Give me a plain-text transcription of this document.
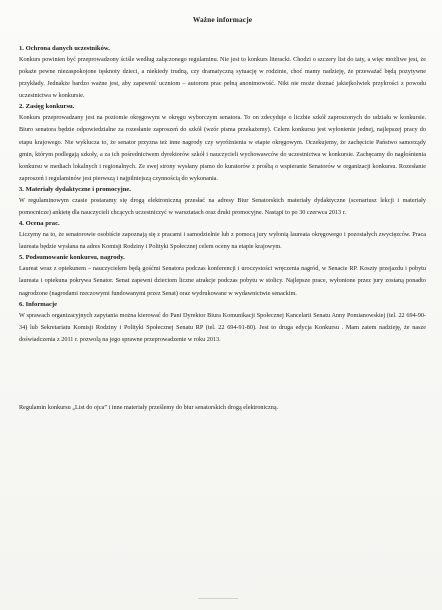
Ważne informacje
1. Ochrona danych uczestników.

Konkurs powinien być przeprowadzony ściśle według załączonego regulaminu. Nie jest to konkurs literacki. Chodzi o szczery list do taty, a więc możliwe jest, że pokaże pewne niezaspokojone tęsknoty dzieci, a niekiedy trudną, czy dramatyczną sytuację w rodzinie, choć mamy nadzieję, że przeważać będą pozytywne przykłady. Jednakże bardzo ważne jest, aby zapewnić uczniom – autorom prac pełną anonimowość. Nikt nie może doznać jakiejkolwiek przykrości z powodu uczestnictwa w konkursie.

2. Zasięg konkursu.

Konkurs przeprowadzany jest na poziomie okręgowym w okręgu wyborczym senatora. To on zdecyduje o liczbie szkół zaproszonych do udziału w konkursie. Biuro senatora będzie odpowiedzialne za rozesłanie zaproszeń do szkół (wzór pisma przekażemy). Celem konkursu jest wyłonienie jednej, najlepszej pracy do etapu krajowego. Nie wyklucza to, że senator przyzna też inne nagrody czy wyróżnienia w etapie okręgowym. Oczekujemy, że zachęcicie Państwo samorządy gmin, którym podlegają szkoły, a za ich pośrednictwem dyrektorów szkół i nauczycieli wychowawców do uczestnictwa w konkursie. Zachęcamy do nagłośnienia konkursu w mediach lokalnych i regionalnych. Ze swej strony wysłany pismo do kuratorów z prośbą o wspieranie Senatorów w organizacji konkursu. Rozesłanie zaproszeń i regulaminów jest pierwszą i najpilniejszą czynnością do wykonania.

3. Materiały dydaktyczne i promocyjne.

W regulaminowym czasie postaramy się drogą elektroniczną przesłać na adresy Biur Senatorskich materiały dydaktyczne (scenariusz lekcji i materiały pomocnicze) ankietę dla nauczycieli chcących uczestniczyć w warsztatach oraz druki promocyjne. Nastąpi to po 30 czerwca 2013 r.

4. Ocena prac.

Liczymy na to, że senatorowie osobiście zapoznają się z pracami i samodzielnie lub z pomocą jury wyłonią laureata okręgowego i pozostałych zwycięzców. Praca laureata będzie wysłana na adres Komisji Rodziny i Polityki Społecznej celem oceny na etapie krajowym.

5. Podsumowanie konkursu, nagrody.

Laureat wraz z opiekunem – nauczycielem będą gośćmi Senatora podczas konferencji i uroczystości wręczenia nagród, w Senacie RP. Koszty przejazdu i pobytu laureata i opiekuna pokrywa Senator. Senat zapewni dzieciom liczne atrakcje podczas pobytu w stolicy. Najlepsze prace, wyłonione przez jury zostaną ponadto nagrodzone (nagrodami rzeczowymi fundowanymi przez Senat) oraz wydrukowane w wydawnictwie senackim.

6. Informacje

W sprawach organizacyjnych zapytania można kierować do Pani Dyrektor Biura Komunikacji Społecznej Kancelarii Senatu Anny Pomianowskiej (tel. 22 694-90-34) lub Sekretariatu Komisji Rodziny i Polityki Społecznej Senatu RP (tel. 22 694-91-80). Jest to druga edycja Konkursu . Mam zatem nadzieję, że nasze doświadczenia z 2011 r. pozwolą na jego sprawne przeprowadzenie w roku 2013.

Regulamin konkursu „List do ojca” i inne materiały prześlemy do biur senatorskich drogą elektroniczną.
